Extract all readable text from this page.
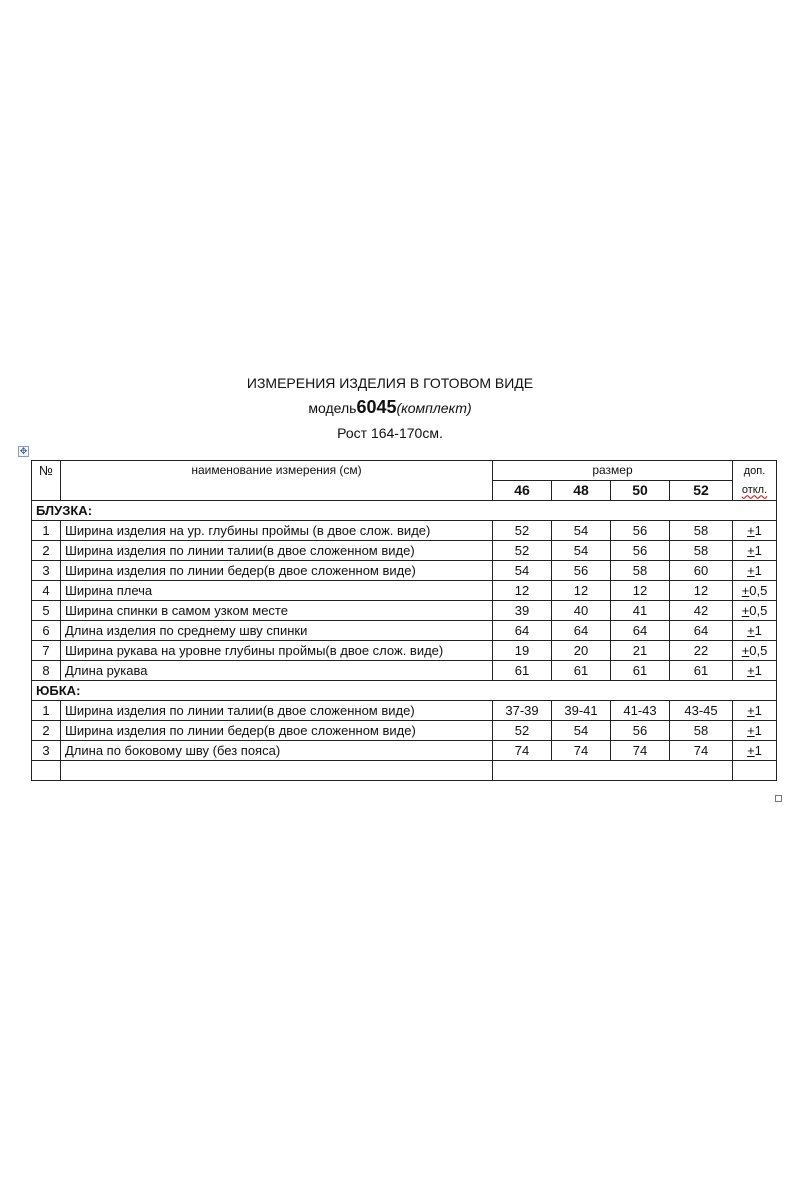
ИЗМЕРЕНИЯ ИЗДЕЛИЯ В ГОТОВОМ ВИДЕ
модель6045(комплект)
Рост 164-170см.
✥
№	наименование измерения (см)	размер				доп.
откл.

		46	48	50	52	
БЛУЗКА:						
1	Ширина изделия на ур. глубины проймы (в двое слож. виде)	52	54	56	58	+1
2	Ширина изделия по линии талии(в двое сложенном виде)	52	54	56	58	+1
3	Ширина изделия по линии бедер(в двое сложенном виде)	54	56	58	60	+1
4	Ширина плеча	12	12	12	12	+0,5
5	Ширина спинки в самом узком месте	39	40	41	42	+0,5
6	Длина изделия по среднему шву спинки	64	64	64	64	+1
7	Ширина рукава на уровне глубины проймы(в двое слож. виде)	19	20	21	22	+0,5
8	Длина рукава	61	61	61	61	+1
ЮБКА:						
1	Ширина изделия по линии талии(в двое сложенном виде)	37-39	39-41	41-43	43-45	+1
2	Ширина изделия по линии бедер(в двое сложенном виде)	52	54	56	58	+1
3	Длина по боковому шву (без пояса)	74	74	74	74	+1
